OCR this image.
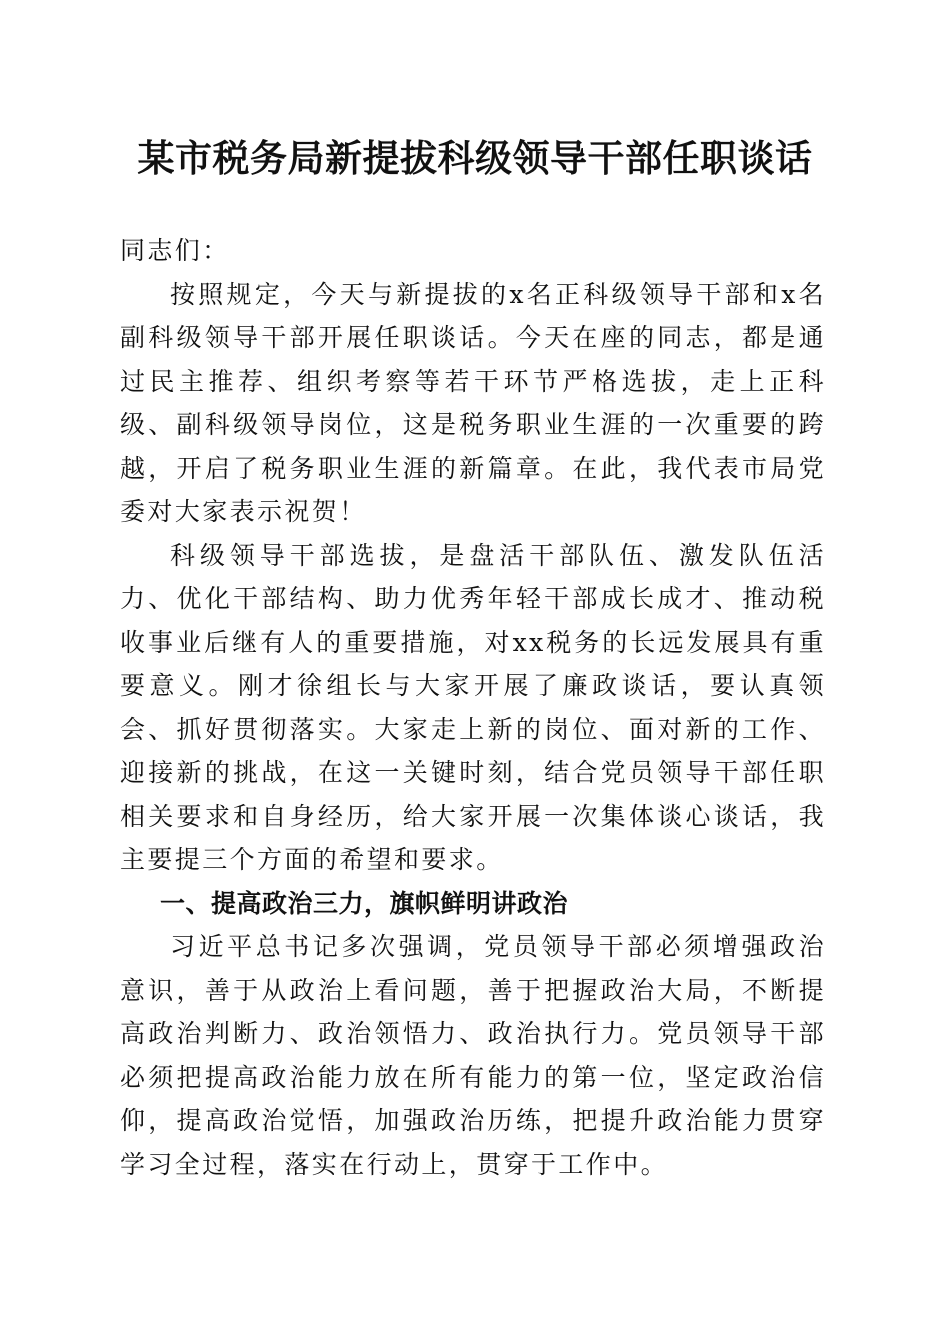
某市税务局新提拔科级领导干部任职谈话

同志们：

按照规定，今天与新提拔的x名正科级领导干部和x名副科级领导干部开展任职谈话。今天在座的同志，都是通过民主推荐、组织考察等若干环节严格选拔，走上正科级、副科级领导岗位，这是税务职业生涯的一次重要的跨越，开启了税务职业生涯的新篇章。在此，我代表市局党委对大家表示祝贺！

科级领导干部选拔，是盘活干部队伍、激发队伍活力、优化干部结构、助力优秀年轻干部成长成才、推动税收事业后继有人的重要措施，对xx税务的长远发展具有重要意义。刚才徐组长与大家开展了廉政谈话，要认真领会、抓好贯彻落实。大家走上新的岗位、面对新的工作、迎接新的挑战，在这一关键时刻，结合党员领导干部任职相关要求和自身经历，给大家开展一次集体谈心谈话，我主要提三个方面的希望和要求。

一、提高政治三力，旗帜鲜明讲政治

习近平总书记多次强调，党员领导干部必须增强政治意识，善于从政治上看问题，善于把握政治大局，不断提高政治判断力、政治领悟力、政治执行力。党员领导干部必须把提高政治能力放在所有能力的第一位，坚定政治信仰，提高政治觉悟，加强政治历练，把提升政治能力贯穿学习全过程，落实在行动上，贯穿于工作中。
